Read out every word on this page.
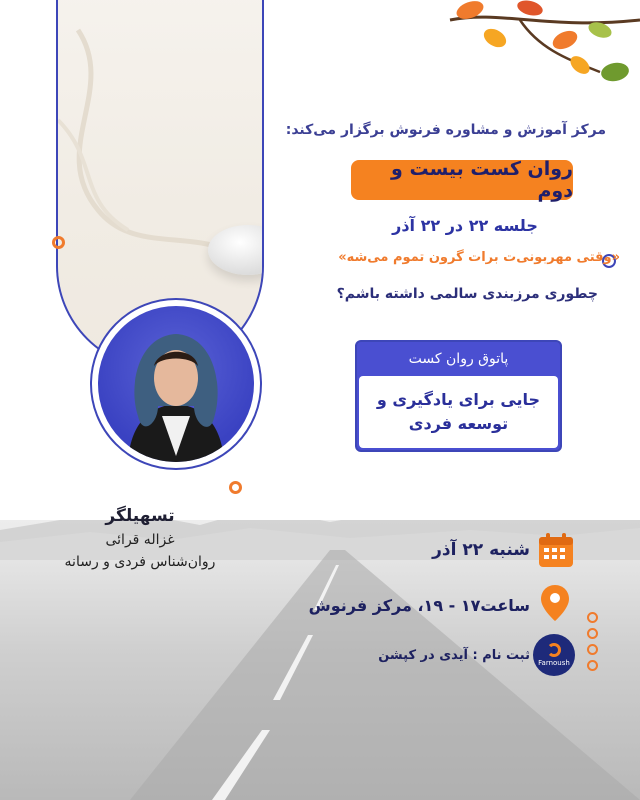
مرکز آموزش و مشاوره فرنوش برگزار می‌کند:
روان کست بیست و دوم
جلسه ۲۲ در ۲۲ آذر
«وقتی مهربونی‌ت برات گرون تموم می‌شه»
چطوری مرزبندی سالمی داشته باشم؟
پاتوق روان کست
جایی برای یادگیری و توسعه فردی
تسهیلگر
غزاله قرائی
روان‌شناس فردی و رسانه
شنبه ۲۲ آذر
ساعت۱۷ - ۱۹، مرکز فرنوش
Farnoush
ثبت نام : آیدی در کپشن
